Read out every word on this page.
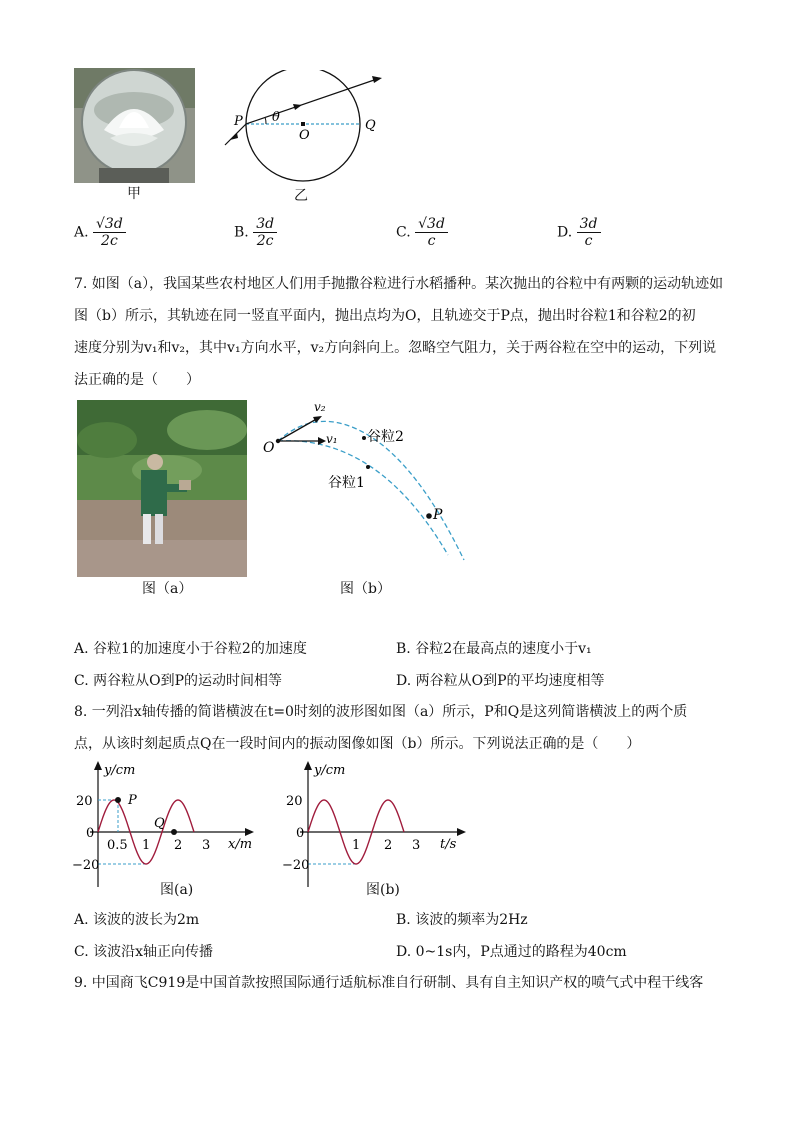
甲
P θ
O
Q
乙
A. $\frac{√3d}{2c}$	B. $\frac{3d}{2c}$	C. $\frac{√3d}{c}$	D. $\frac{3d}{c}$
7. 如图（a），我国某些农村地区人们用手抛撒谷粒进行水稻播种。某次抛出的谷粒中有两颗的运动轨迹如
图（b）所示，其轨迹在同一竖直平面内，抛出点均为O，且轨迹交于P点，抛出时谷粒1和谷粒2的初
速度分别为v₁和v₂，其中v₁方向水平，v₂方向斜向上。忽略空气阻力，关于两谷粒在空中的运动，下列说
法正确的是（　　）
图（a）
O
v₂
v₁ 谷粒2
谷粒1
P
图（b）
A. 谷粒1的加速度小于谷粒2的加速度	B. 谷粒2在最高点的速度小于v₁
C. 两谷粒从O到P的运动时间相等	D. 两谷粒从O到P的平均速度相等
8. 一列沿x轴传播的简谐横波在t=0时刻的波形图如图（a）所示，P和Q是这列简谐横波上的两个质
点，从该时刻起质点Q在一段时间内的振动图像如图（b）所示。下列说法正确的是（　　）
y/cm
x/m
20
0
−20
0.5 1 2 3
P
Q
图(a)
y/cm
t/s
20
0
−20
1 2 3
图(b)
A. 该波的波长为2m	B. 该波的频率为2Hz
C. 该波沿x轴正向传播	D. 0~1s内，P点通过的路程为40cm
9. 中国商飞C919是中国首款按照国际通行适航标准自行研制、具有自主知识产权的喷气式中程干线客
